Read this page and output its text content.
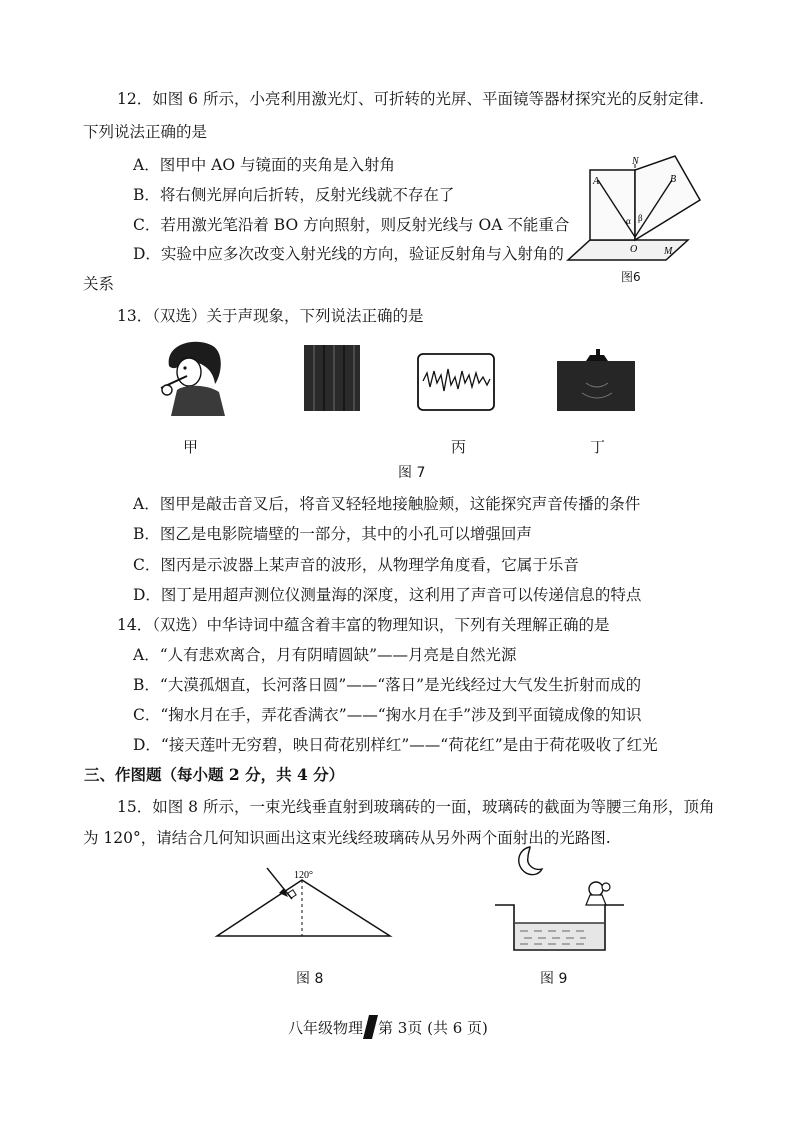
12．如图 6 所示，小亮利用激光灯、可折转的光屏、平面镜等器材探究光的反射定律.
下列说法正确的是
A．图甲中 AO 与镜面的夹角是入射角
B．将右侧光屏向后折转，反射光线就不存在了
C．若用激光笔沿着 BO 方向照射，则反射光线与 OA 不能重合
D．实验中应多次改变入射光线的方向，验证反射角与入射角的
关系
N
A	B
α β
O	M
图6
13．（双选）关于声现象，下列说法正确的是
甲	丙	丁
图 7
A．图甲是敲击音叉后，将音叉轻轻地接触脸颊，这能探究声音传播的条件
B．图乙是电影院墙壁的一部分，其中的小孔可以增强回声
C．图丙是示波器上某声音的波形，从物理学角度看，它属于乐音
D．图丁是用超声测位仪测量海的深度，这利用了声音可以传递信息的特点
14．（双选）中华诗词中蕴含着丰富的物理知识，下列有关理解正确的是
A．“人有悲欢离合，月有阴晴圆缺”——月亮是自然光源
B．“大漠孤烟直，长河落日圆”——“落日”是光线经过大气发生折射而成的
C．“掬水月在手，弄花香满衣”——“掬水月在手”涉及到平面镜成像的知识
D．“接天莲叶无穷碧，映日荷花别样红”——“荷花红”是由于荷花吸收了红光
三、作图题（每小题 2 分，共 4 分）
15．如图 8 所示，一束光线垂直射到玻璃砖的一面，玻璃砖的截面为等腰三角形，顶角
为 120°，请结合几何知识画出这束光线经玻璃砖从另外两个面射出的光路图.
120°
图 8	图 9
八年级物理 第 3页 (共 6 页)
